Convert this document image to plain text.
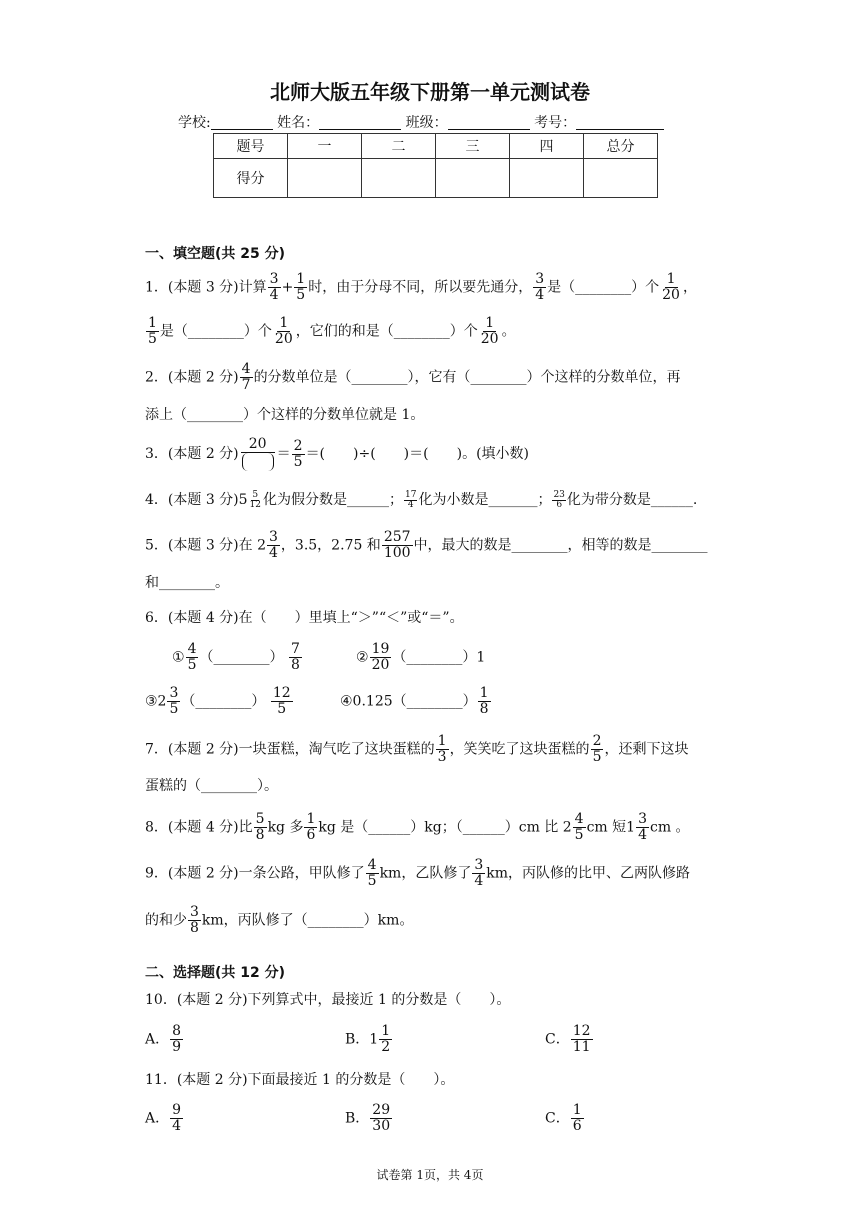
北师大版五年级下册第一单元测试卷
学校:	姓名：	班级：	考号：
题号	一	二	三	四	总分
得分					
一、填空题(共 25 分)
1．(本题 3 分)计算 $\frac{3}{4} + \frac{1}{5}$ 时，由于分母不同，所以要先通分， $\frac{3}{4}$ 是（________）个 $\frac{1}{20}$ ，
$\frac{1}{5}$ 是（________）个 $\frac{1}{20}$ ，它们的和是（________）个 $\frac{1}{20}$ 。
2．(本题 2 分) $\frac{4}{7}$ 的分数单位是（________），它有（________）个这样的分数单位，再
添上（________）个这样的分数单位就是 1。
3．(本题 2 分)
20
＝ $\frac{2}{5}$ ＝(　　)÷(　　)＝(　　)。(填小数)
4．(本题 3 分)$5 \frac{5}{12}$ 化为假分数是______； $\frac{17}{4}$ 化为小数是_______； $\frac{23}{6}$ 化为带分数是______.
5．(本题 3 分)在 $2 \frac{3}{4}$ ，3.5，2.75 和 $\frac{257}{100}$ 中，最大的数是________，相等的数是________
和________。
6．(本题 4 分)在（　　）里填上“＞”“＜”或“＝”。
① $\frac{4}{5}$ （________） $\frac{7}{8}$	② $\frac{19}{20}$ （________）1
③2 $\frac{3}{5}$ （________） $\frac{12}{5}$	④0.125（________） $\frac{1}{8}$
7．(本题 2 分)一块蛋糕，淘气吃了这块蛋糕的 $\frac{1}{3}$ ，笑笑吃了这块蛋糕的 $\frac{2}{5}$ ，还剩下这块
蛋糕的（________）。
8．(本题 4 分)比 $\frac{5}{8}$ kg 多 $\frac{1}{6}$ kg 是（______）kg；（______）cm 比 $2 \frac{4}{5}$ cm 短$1 \frac{3}{4}$ cm 。
9．(本题 2 分)一条公路，甲队修了 $\frac{4}{5}$ km，乙队修了 $\frac{3}{4}$ km，丙队修的比甲、乙两队修路
的和少 $\frac{3}{8}$ km，丙队修了（________）km。
二、选择题(共 12 分)
10．(本题 2 分)下列算式中，最接近 1 的分数是（　　）。
A． $\frac{8}{9}$	B．$1 \frac{1}{2}$	C． $\frac{12}{11}$
11．(本题 2 分)下面最接近 1 的分数是（　　）。
A． $\frac{9}{4}$	B． $\frac{29}{30}$	C． $\frac{1}{6}$
试卷第 1页，共 4页
